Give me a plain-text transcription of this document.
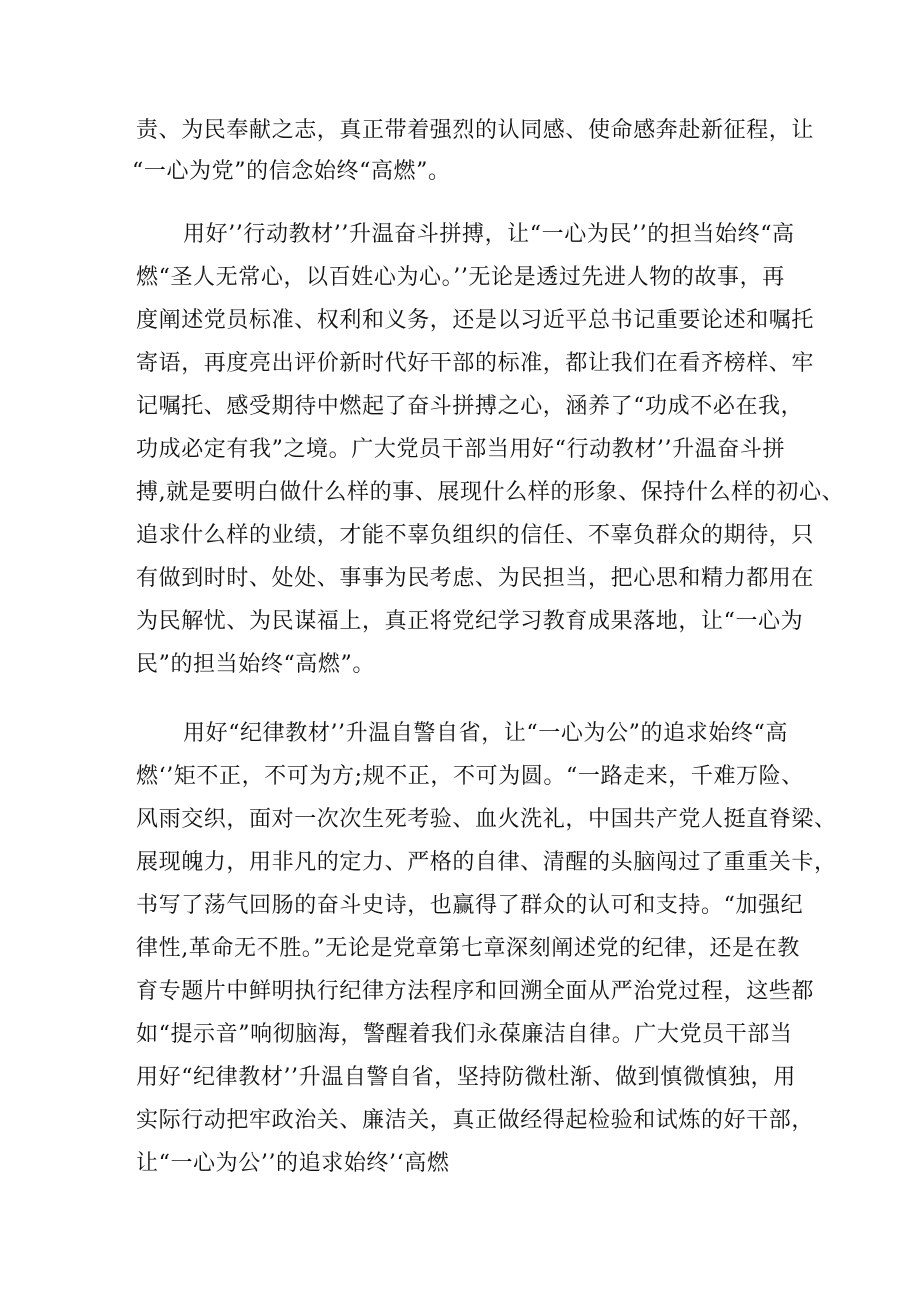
责、为民奉献之志，真正带着强烈的认同感、使命感奔赴新征程，让
“一心为党”的信念始终“高燃”。
用好’’行动教材’’升温奋斗拼搏，让“一心为民’’的担当始终“高
燃“圣人无常心，以百姓心为心。’’无论是透过先进人物的故事，再
度阐述党员标准、权利和义务，还是以习近平总书记重要论述和嘱托
寄语，再度亮出评价新时代好干部的标准，都让我们在看齐榜样、牢
记嘱托、感受期待中燃起了奋斗拼搏之心，涵养了“功成不必在我，
功成必定有我”之境。广大党员干部当用好“行动教材’’升温奋斗拼
搏,就是要明白做什么样的事、展现什么样的形象、保持什么样的初心、
追求什么样的业绩，才能不辜负组织的信任、不辜负群众的期待，只
有做到时时、处处、事事为民考虑、为民担当，把心思和精力都用在
为民解忧、为民谋福上，真正将党纪学习教育成果落地，让“一心为
民”的担当始终“高燃”。
用好“纪律教材’’升温自警自省，让“一心为公”的追求始终“高
燃‘’矩不正，不可为方;规不正，不可为圆。“一路走来，千难万险、
风雨交织，面对一次次生死考验、血火洗礼，中国共产党人挺直脊梁、
展现魄力，用非凡的定力、严格的自律、清醒的头脑闯过了重重关卡，
书写了荡气回肠的奋斗史诗，也赢得了群众的认可和支持。“加强纪
律性,革命无不胜。”无论是党章第七章深刻阐述党的纪律，还是在教
育专题片中鲜明执行纪律方法程序和回溯全面从严治党过程，这些都
如“提示音”响彻脑海，警醒着我们永葆廉洁自律。广大党员干部当
用好“纪律教材’’升温自警自省，坚持防微杜渐、做到慎微慎独，用
实际行动把牢政治关、廉洁关，真正做经得起检验和试炼的好干部，
让“一心为公’’的追求始终’‘高燃
